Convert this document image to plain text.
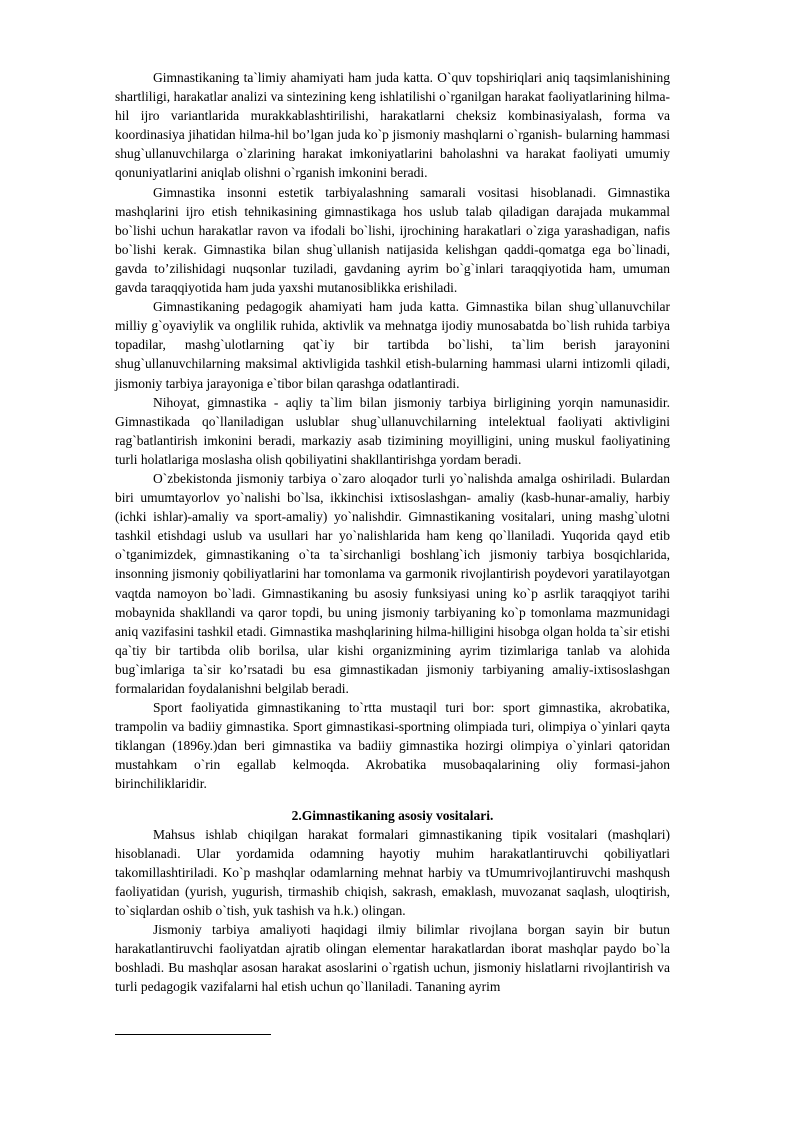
Gimnastikaning ta`limiy ahamiyati ham juda katta. O`quv topshiriqlari aniq taqsimlanishining shartliligi, harakatlar analizi va sintezining keng ishlatilishi o`rganilgan harakat faoliyatlarining hilma-hil ijro variantlarida murakkablashtirilishi, harakatlarni cheksiz kombinasiyalash, forma va koordinasiya jihatidan hilma-hil bo’lgan juda ko`p jismoniy mashqlarni o`rganish- bularning hammasi shug`ullanuvchilarga o`zlarining harakat imkoniyatlarini baholashni va harakat faoliyati umumiy qonuniyatlarini aniqlab olishni o`rganish imkonini beradi.

Gimnastika insonni estetik tarbiyalashning samarali vositasi hisoblanadi. Gimnastika mashqlarini ijro etish tehnikasining gimnastikaga hos uslub talab qiladigan darajada mukammal bo`lishi uchun harakatlar ravon va ifodali bo`lishi, ijrochining harakatlari o`ziga yarashadigan, nafis bo`lishi kerak. Gimnastika bilan shug`ullanish natijasida kelishgan qaddi-qomatga ega bo`linadi, gavda to’zilishidagi nuqsonlar tuziladi, gavdaning ayrim bo`g`inlari taraqqiyotida ham, umuman gavda taraqqiyotida ham juda yaxshi mutanosiblikka erishiladi.

Gimnastikaning pedagogik ahamiyati ham juda katta. Gimnastika bilan shug`ullanuvchilar milliy g`oyaviylik va onglilik ruhida, aktivlik va mehnatga ijodiy munosabatda bo`lish ruhida tarbiya topadilar, mashg`ulotlarning qat`iy bir tartibda bo`lishi, ta`lim berish jarayonini shug`ullanuvchilarning maksimal aktivligida tashkil etish-bularning hammasi ularni intizomli qiladi, jismoniy tarbiya jarayoniga e`tibor bilan qarashga odatlantiradi.

Nihoyat, gimnastika - aqliy ta`lim bilan jismoniy tarbiya birligining yorqin namunasidir. Gimnastikada qo`llaniladigan uslublar shug`ullanuvchilarning intelektual faoliyati aktivligini rag`batlantirish imkonini beradi, markaziy asab tizimining moyilligini, uning muskul faoliyatining turli holatlariga moslasha olish qobiliyatini shakllantirishga yordam beradi.

O`zbekistonda jismoniy tarbiya o`zaro aloqador turli yo`nalishda amalga oshiriladi. Bulardan biri umumtayorlov yo`nalishi bo`lsa, ikkinchisi ixtisoslashgan- amaliy (kasb-hunar-amaliy, harbiy (ichki ishlar)-amaliy va sport-amaliy) yo`nalishdir. Gimnastikaning vositalari, uning mashg`ulotni tashkil etishdagi uslub va usullari har yo`nalishlarida ham keng qo`llaniladi. Yuqorida qayd etib o`tganimizdek, gimnastikaning o`ta ta`sirchanligi boshlang`ich jismoniy tarbiya bosqichlarida, insonning jismoniy qobiliyatlarini har tomonlama va garmonik rivojlantirish poydevori yaratilayotgan vaqtda namoyon bo`ladi. Gimnastikaning bu asosiy funksiyasi uning ko`p asrlik taraqqiyot tarihi mobaynida shakllandi va qaror topdi, bu uning jismoniy tarbiyaning ko`p tomonlama mazmunidagi aniq vazifasini tashkil etadi. Gimnastika mashqlarining hilma-hilligini hisobga olgan holda ta`sir etishi qa`tiy bir tartibda olib borilsa, ular kishi organizmining ayrim tizimlariga tanlab va alohida bug`imlariga ta`sir ko’rsatadi bu esa gimnastikadan jismoniy tarbiyaning amaliy-ixtisoslashgan formalaridan foydalanishni belgilab beradi.

Sport faoliyatida gimnastikaning to`rtta mustaqil turi bor: sport gimnastika, akrobatika, trampolin va badiiy gimnastika. Sport gimnastikasi-sportning olimpiada turi, olimpiya o`yinlari qayta tiklangan (1896y.)dan beri gimnastika va badiiy gimnastika hozirgi olimpiya o`yinlari qatoridan mustahkam o`rin egallab kelmoqda. Akrobatika musobaqalarining oliy formasi-jahon birinchiliklaridir.

2.Gimnastikaning asosiy vositalari.

Mahsus ishlab chiqilgan harakat formalari gimnastikaning tipik vositalari (mashqlari) hisoblanadi. Ular yordamida odamning hayotiy muhim harakatlantiruvchi qobiliyatlari takomillashtiriladi. Ko`p mashqlar odamlarning mehnat harbiy va tUmumrivojlantiruvchi mashqush faoliyatidan (yurish, yugurish, tirmashib chiqish, sakrash, emaklash, muvozanat saqlash, uloqtirish, to`siqlardan oshib o`tish, yuk tashish va h.k.) olingan.

Jismoniy tarbiya amaliyoti haqidagi ilmiy bilimlar rivojlana borgan sayin bir butun harakatlantiruvchi faoliyatdan ajratib olingan elementar harakatlardan iborat mashqlar paydo bo`la boshladi. Bu mashqlar asosan harakat asoslarini o`rgatish uchun, jismoniy hislatlarni rivojlantirish va turli pedagogik vazifalarni hal etish uchun qo`llaniladi. Tananing ayrim
